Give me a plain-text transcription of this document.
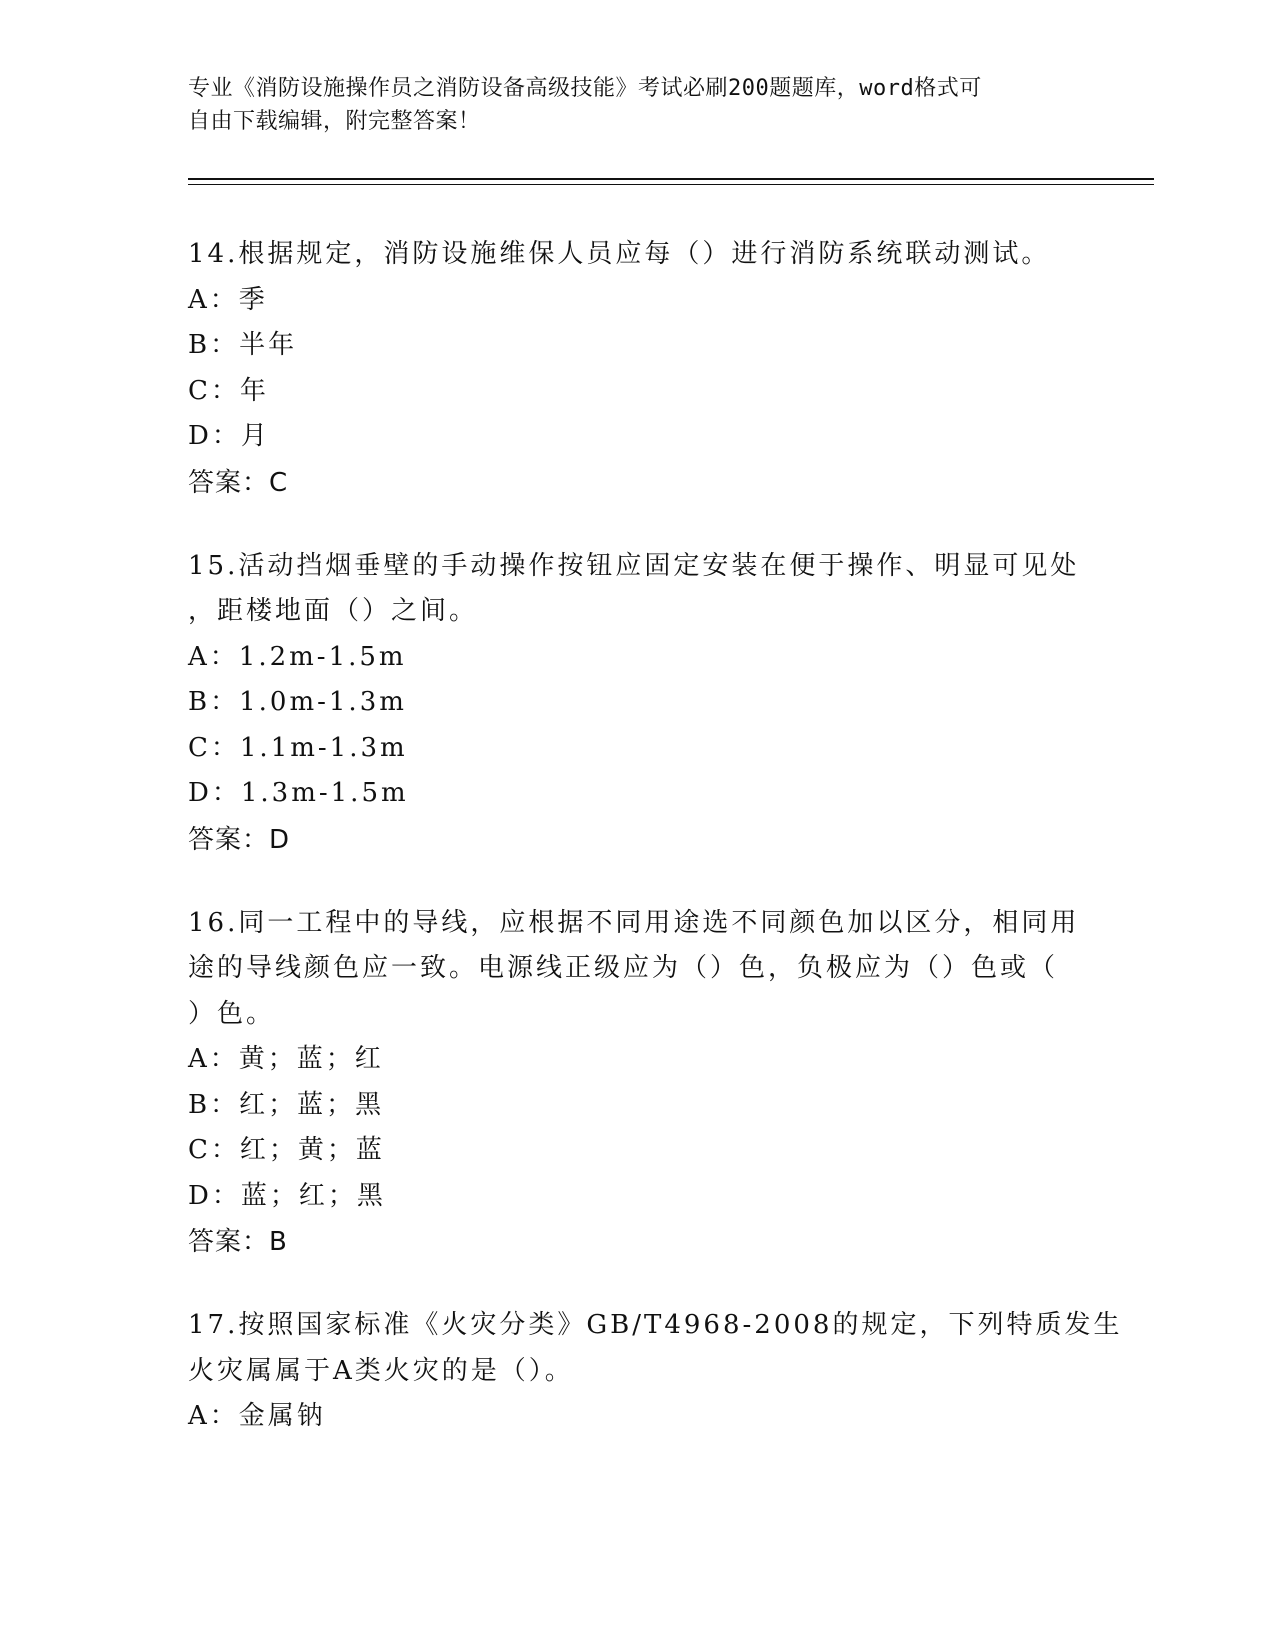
专业《消防设施操作员之消防设备高级技能》考试必刷200题题库，word格式可
自由下载编辑，附完整答案！
14.根据规定，消防设施维保人员应每（）进行消防系统联动测试。
A：季
B：半年
C：年
D：月
答案：C
15.活动挡烟垂壁的手动操作按钮应固定安装在便于操作、明显可见处
，距楼地面（）之间。
A：1.2m-1.5m
B：1.0m-1.3m
C：1.1m-1.3m
D：1.3m-1.5m
答案：D
16.同一工程中的导线，应根据不同用途选不同颜色加以区分，相同用
途的导线颜色应一致。电源线正级应为（）色，负极应为（）色或（
）色。
A：黄；蓝；红
B：红；蓝；黑
C：红；黄；蓝
D：蓝；红；黑
答案：B
17.按照国家标准《火灾分类》GB/T4968-2008的规定，下列特质发生
火灾属属于A类火灾的是（）。
A：金属钠
